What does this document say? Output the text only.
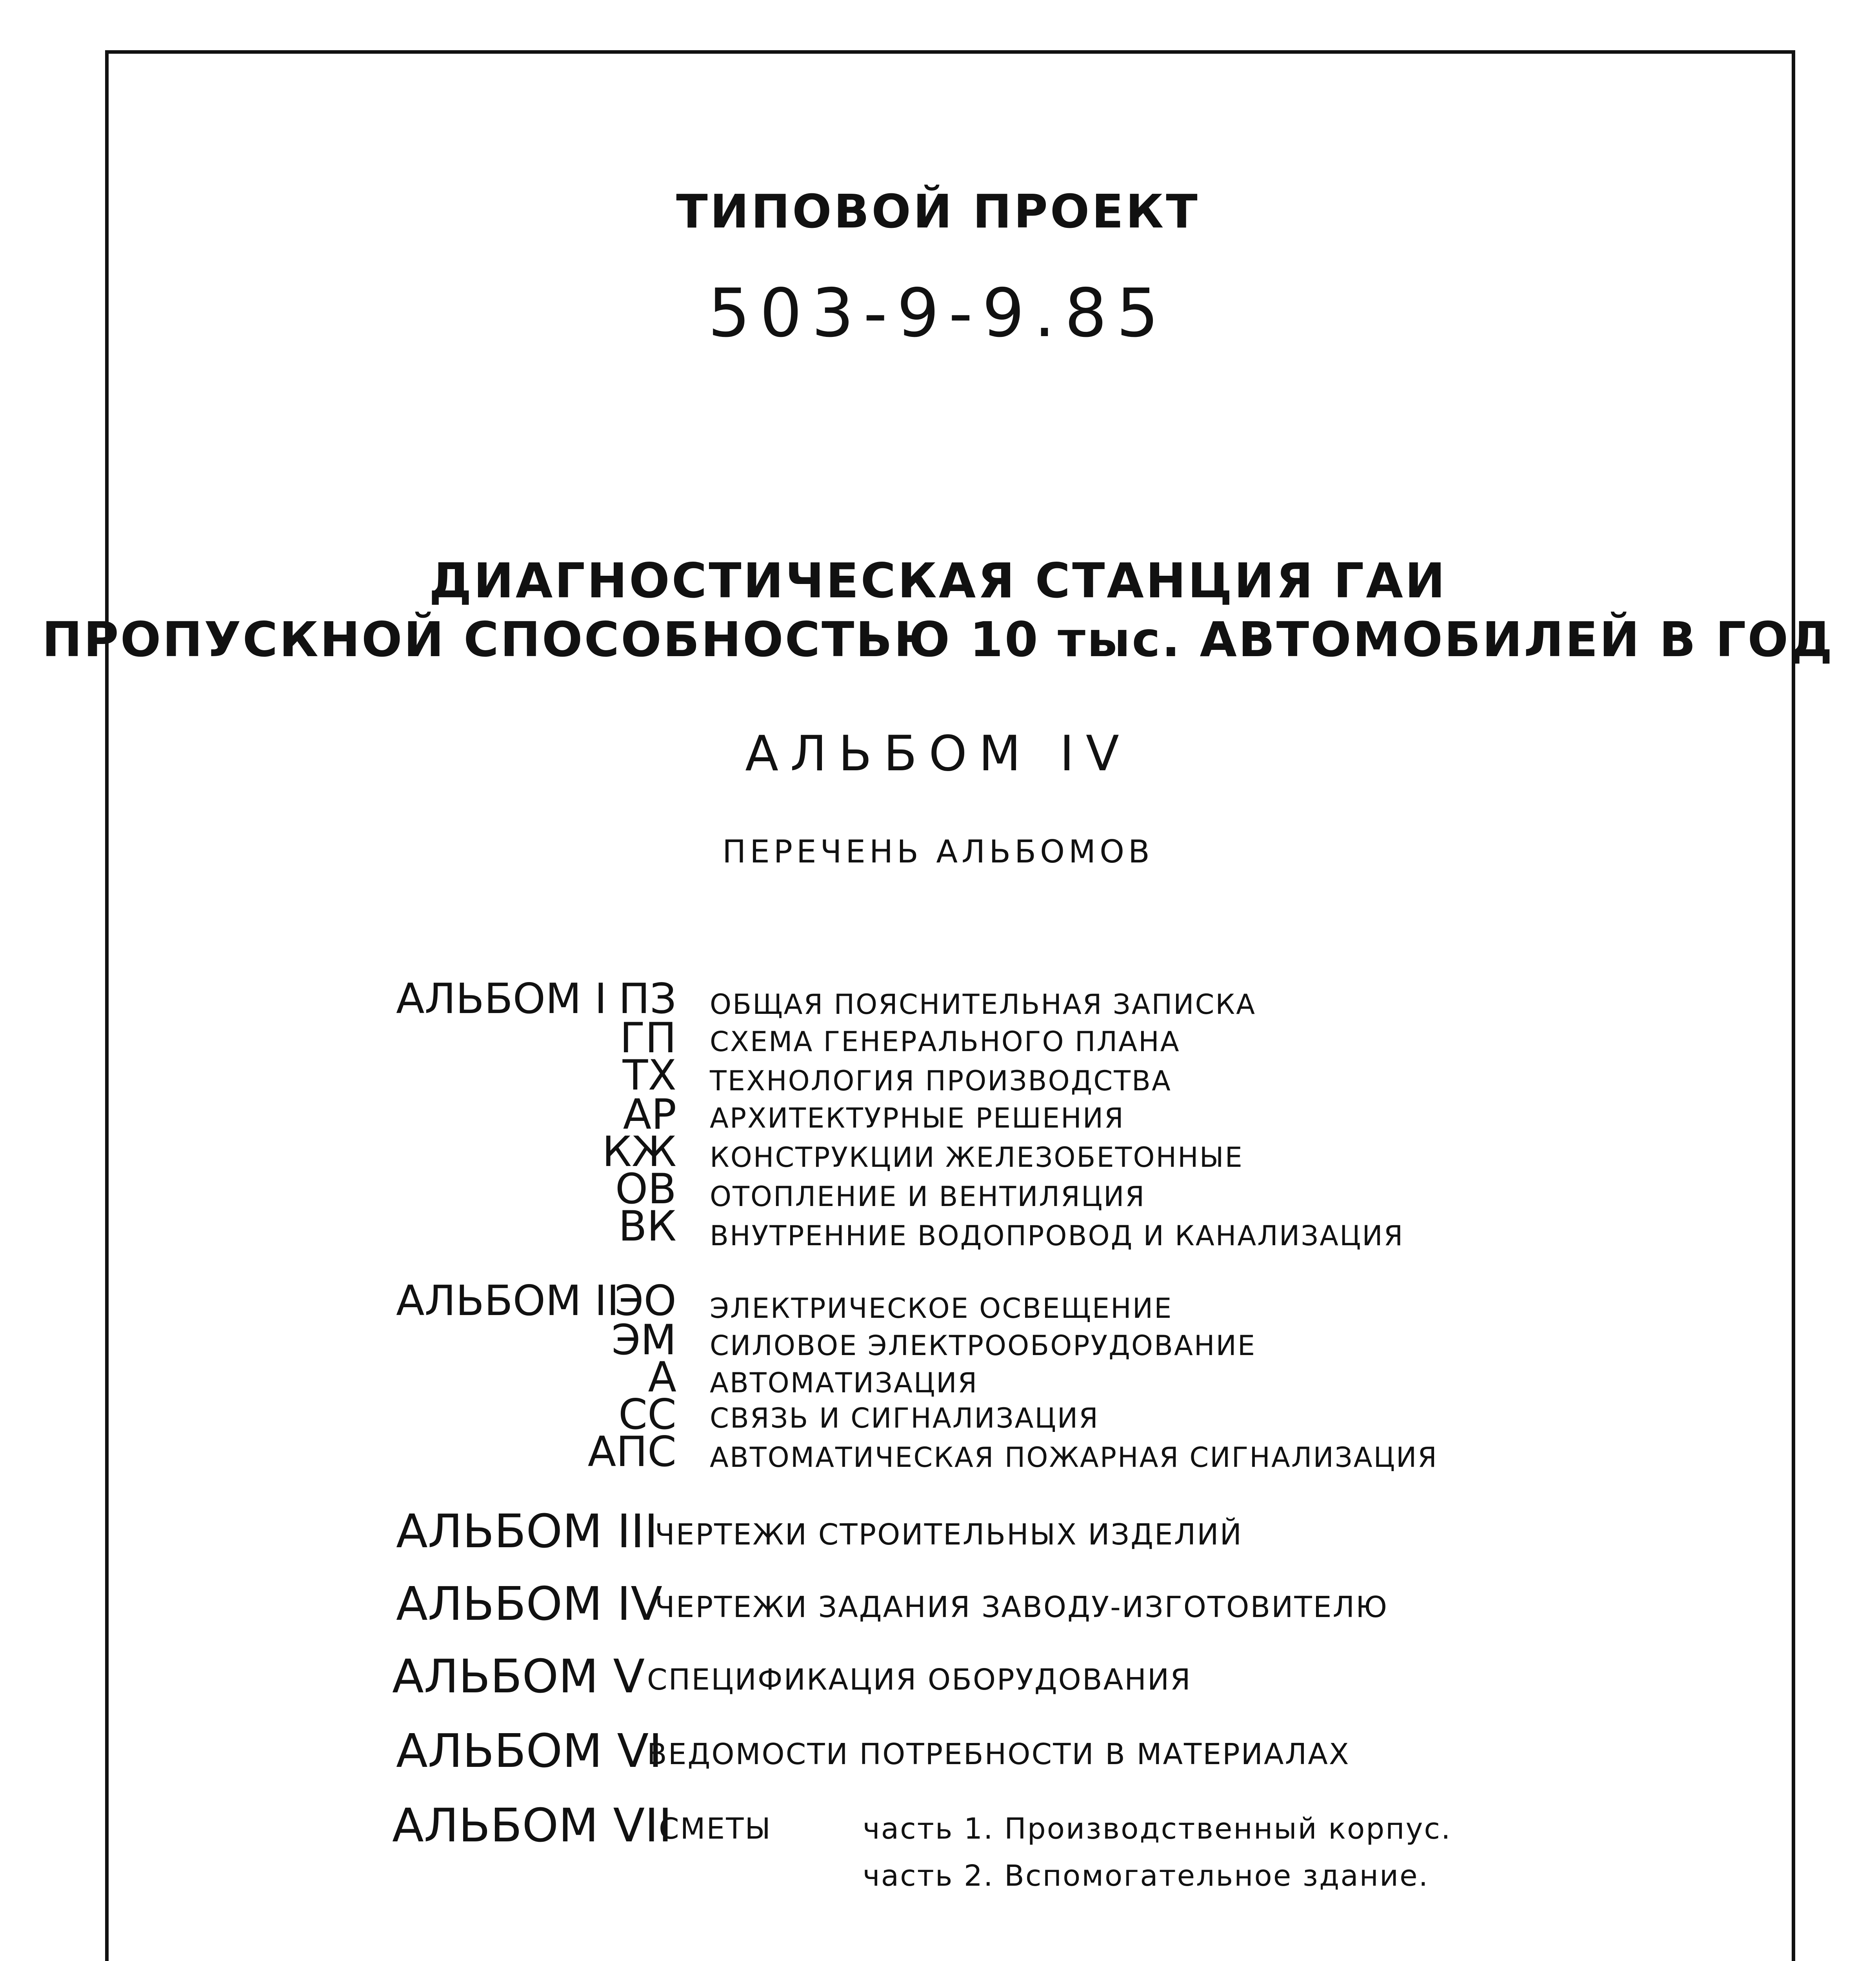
ТИПОВОЙ ПРОЕКТ
503-9-9.85
ДИАГНОСТИЧЕСКАЯ СТАНЦИЯ ГАИ
ПРОПУСКНОЙ СПОСОБНОСТЬЮ 10 тыс. АВТОМОБИЛЕЙ В ГОД
АЛЬБОМ IV
ПЕРЕЧЕНЬ АЛЬБОМОВ
АЛЬБОМ I ПЗ ОБЩАЯ ПОЯСНИТЕЛЬНАЯ ЗАПИСКА
ГП СХЕМА ГЕНЕРАЛЬНОГО ПЛАНА
ТХ ТЕХНОЛОГИЯ ПРОИЗВОДСТВА
АР АРХИТЕКТУРНЫЕ РЕШЕНИЯ
КЖ КОНСТРУКЦИИ ЖЕЛЕЗОБЕТОННЫЕ
ОВ ОТОПЛЕНИЕ И ВЕНТИЛЯЦИЯ
ВК ВНУТРЕННИЕ ВОДОПРОВОД И КАНАЛИЗАЦИЯ
АЛЬБОМ II
ЭО ЭЛЕКТРИЧЕСКОЕ ОСВЕЩЕНИЕ
ЭМ СИЛОВОЕ ЭЛЕКТРООБОРУДОВАНИЕ
А АВТОМАТИЗАЦИЯ
СС СВЯЗЬ И СИГНАЛИЗАЦИЯ
АПС АВТОМАТИЧЕСКАЯ ПОЖАРНАЯ СИГНАЛИЗАЦИЯ
АЛЬБОМ III
ЧЕРТЕЖИ СТРОИТЕЛЬНЫХ ИЗДЕЛИЙ
АЛЬБОМ IV
ЧЕРТЕЖИ ЗАДАНИЯ ЗАВОДУ-ИЗГОТОВИТЕЛЮ
АЛЬБОМ V СПЕЦИФИКАЦИЯ ОБОРУДОВАНИЯ
АЛЬБОМ VI
ВЕДОМОСТИ ПОТРЕБНОСТИ В МАТЕРИАЛАХ
АЛЬБОМ VII
СМЕТЫ	часть 1. Производственный корпус.
часть 2. Вспомогательное здание.
